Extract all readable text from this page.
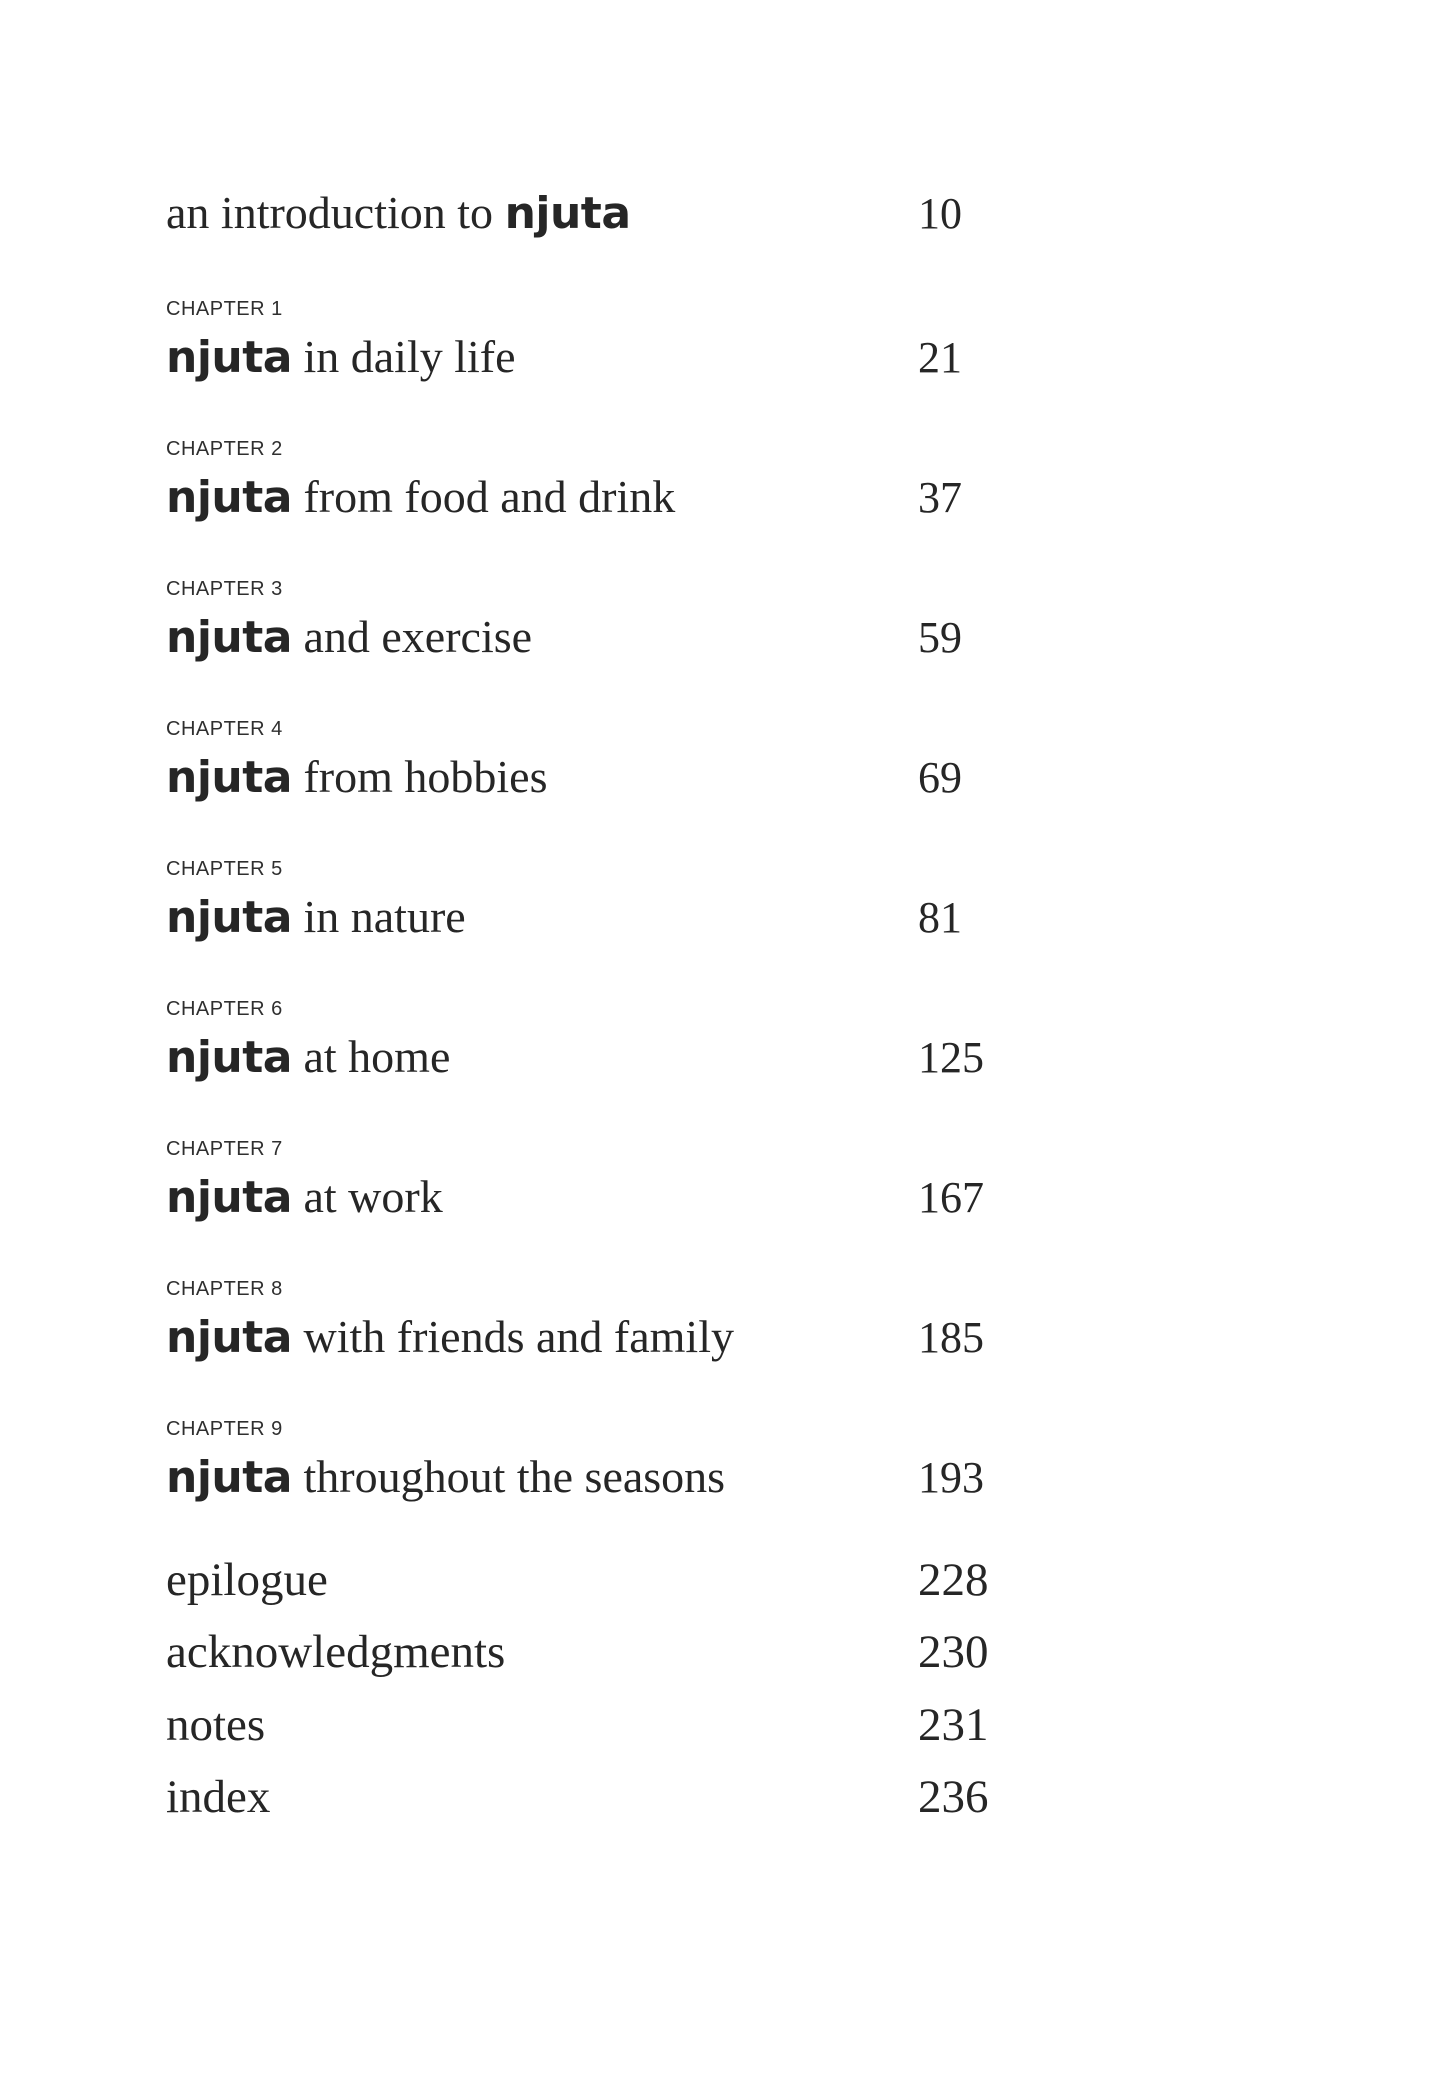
an introduction to njuta	10
CHAPTER 1
njuta in daily life	21
CHAPTER 2
njuta from food and drink	37
CHAPTER 3
njuta and exercise	59
CHAPTER 4
njuta from hobbies	69
CHAPTER 5
njuta in nature	81
CHAPTER 6
njuta at home	125
CHAPTER 7
njuta at work	167
CHAPTER 8
njuta with friends and family	185
CHAPTER 9
njuta throughout the seasons	193
epilogue	228
acknowledgments	230
notes	231
index	236
